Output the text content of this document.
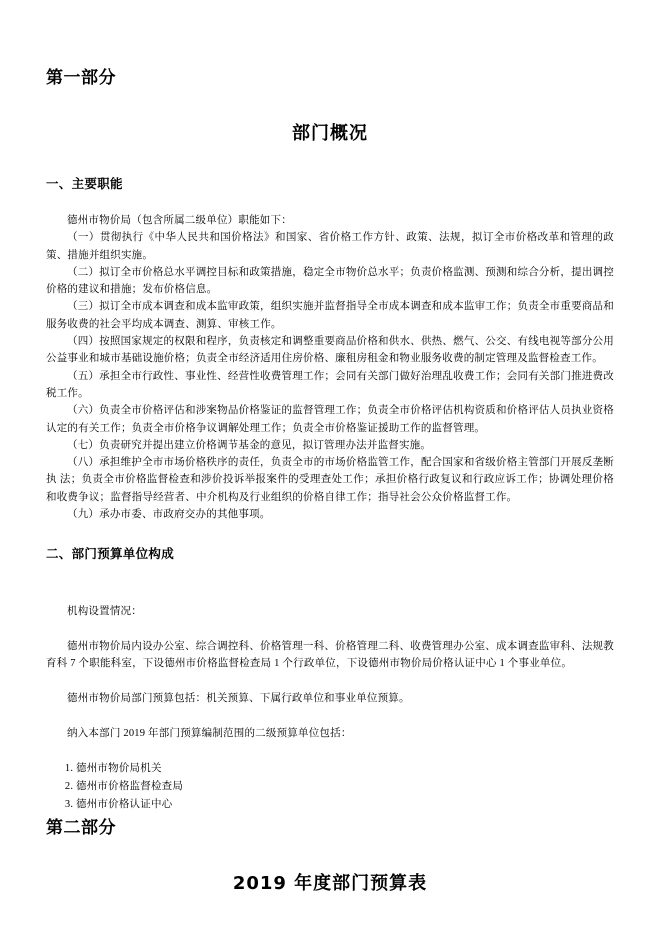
第一部分
部门概况
一、主要职能

德州市物价局（包含所属二级单位）职能如下：

（一）贯彻执行《中华人民共和国价格法》和国家、省价格工作方针、政策、法规，拟订全市价格改革和管理的政策、措施并组织实施。

（二）拟订全市价格总水平调控目标和政策措施，稳定全市物价总水平；负责价格监测、预测和综合分析，提出调控价格的建议和措施；发布价格信息。

（三）拟订全市成本调查和成本监审政策，组织实施并监督指导全市成本调查和成本监审工作；负责全市重要商品和服务收费的社会平均成本调查、测算、审核工作。

（四）按照国家规定的权限和程序，负责核定和调整重要商品价格和供水、供热、燃气、公交、有线电视等部分公用公益事业和城市基础设施价格；负责全市经济适用住房价格、廉租房租金和物业服务收费的制定管理及监督检查工作。

（五）承担全市行政性、事业性、经营性收费管理工作；会同有关部门做好治理乱收费工作；会同有关部门推进费改税工作。

（六）负责全市价格评估和涉案物品价格鉴证的监督管理工作；负责全市价格评估机构资质和价格评估人员执业资格认定的有关工作；负责全市价格争议调解处理工作；负责全市价格鉴证援助工作的监督管理。

（七）负责研究并提出建立价格调节基金的意见，拟订管理办法并监督实施。

（八）承担维护全市市场价格秩序的责任，负责全市的市场价格监管工作，配合国家和省级价格主管部门开展反垄断执 法；负责全市价格监督检查和涉价投诉举报案件的受理查处工作；承担价格行政复议和行政应诉工作；协调处理价格和收费争议；监督指导经营者、中介机构及行业组织的价格自律工作；指导社会公众价格监督工作。

（九）承办市委、市政府交办的其他事项。

二、部门预算单位构成

机构设置情况：

德州市物价局内设办公室、综合调控科、价格管理一科、价格管理二科、收费管理办公室、成本调查监审科、法规教育科 7 个职能科室，下设德州市价格监督检查局 1 个行政单位，下设德州市物价局价格认证中心 1 个事业单位。

德州市物价局部门预算包括：机关预算、下属行政单位和事业单位预算。

纳入本部门 2019 年部门预算编制范围的二级预算单位包括：

1. 德州市物价局机关
2. 德州市价格监督检查局
3. 德州市价格认证中心
第二部分
2019 年度部门预算表
